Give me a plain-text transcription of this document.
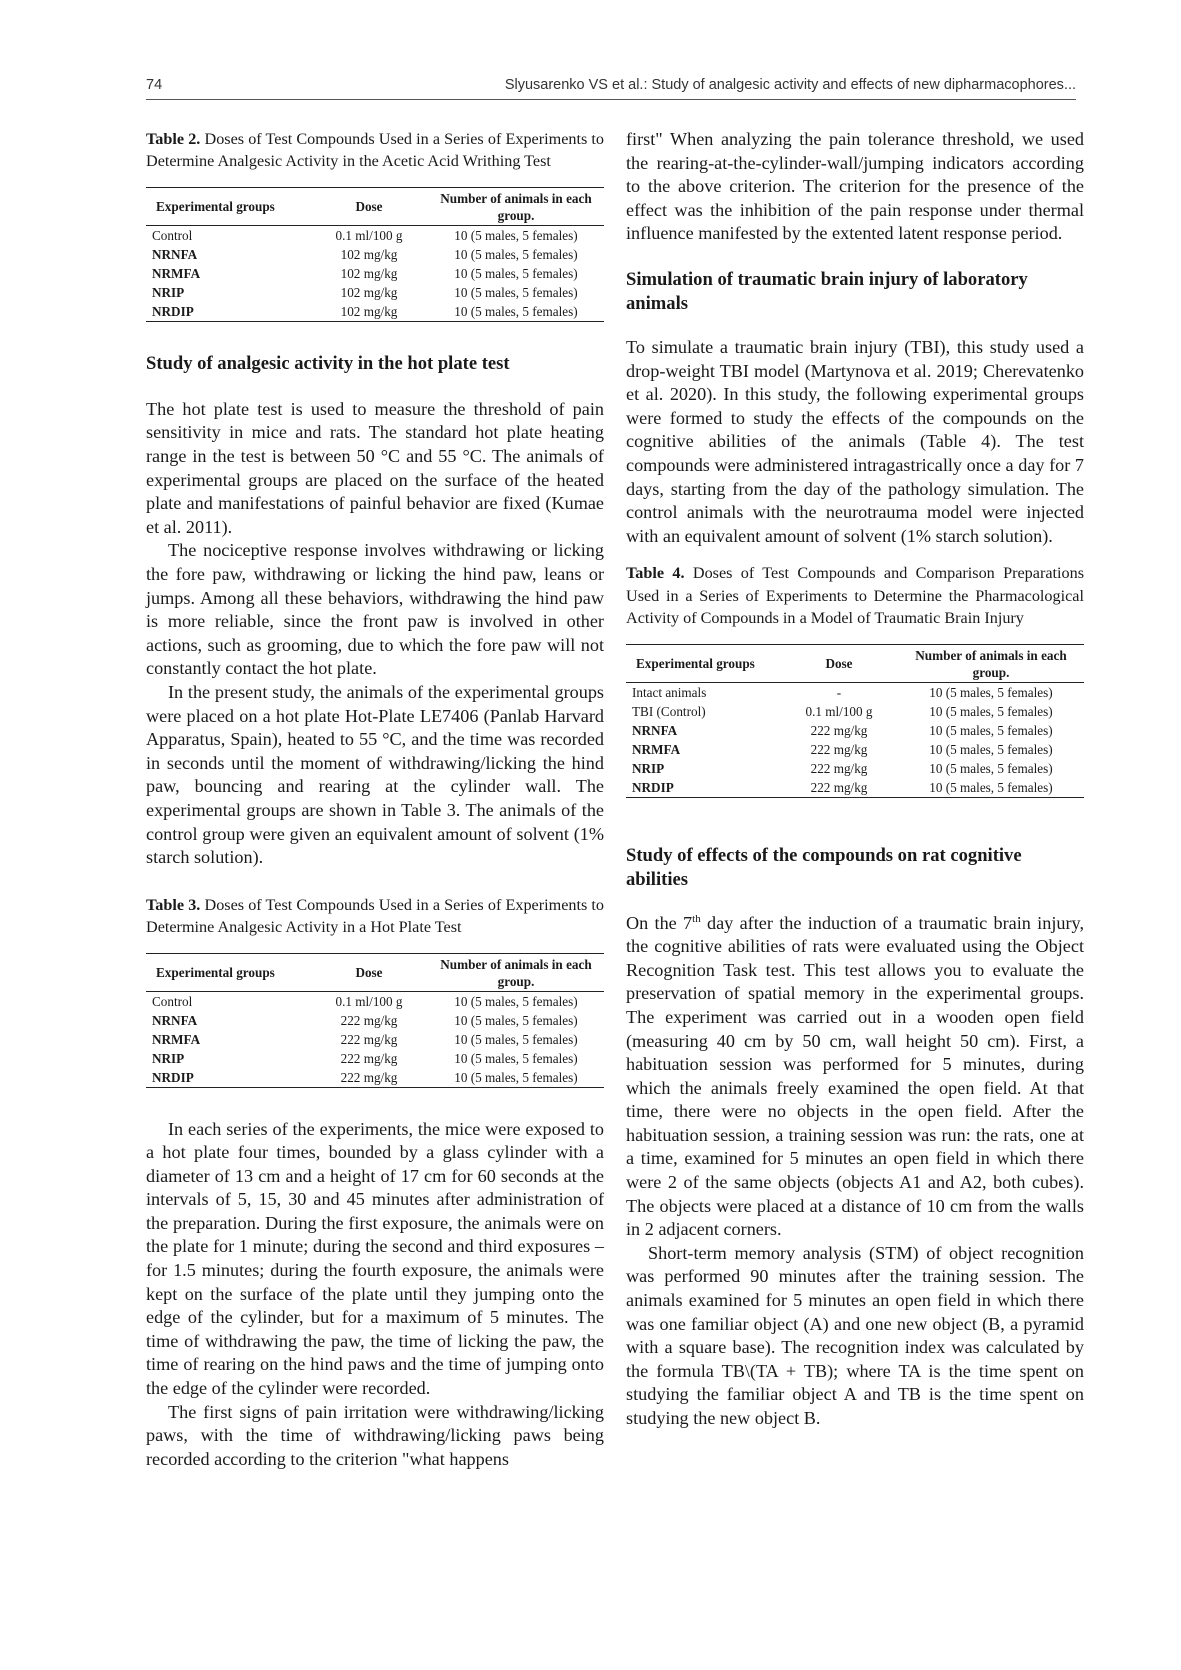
74	Slyusarenko VS et al.: Study of analgesic activity and effects of new dipharmacophores...
Table 2. Doses of Test Compounds Used in a Series of Experiments to Determine Analgesic Activity in the Acetic Acid Writhing Test
Experimental groups	Dose	Number of animals in each group.
Control	0.1 ml/100 g	10 (5 males, 5 females)
NRNFA	102 mg/kg	10 (5 males, 5 females)
NRMFA	102 mg/kg	10 (5 males, 5 females)
NRIP	102 mg/kg	10 (5 males, 5 females)
NRDIP	102 mg/kg	10 (5 males, 5 females)
Study of analgesic activity in the hot plate test

The hot plate test is used to measure the threshold of pain sensitivity in mice and rats. The standard hot plate heating range in the test is between 50 °C and 55 °C. The animals of experimental groups are placed on the surface of the heated plate and manifestations of painful behavior are fixed (Kumae et al. 2011).

The nociceptive response involves withdrawing or licking the fore paw, withdrawing or licking the hind paw, leans or jumps. Among all these behaviors, withdrawing the hind paw is more reliable, since the front paw is involved in other actions, such as grooming, due to which the fore paw will not constantly contact the hot plate.

In the present study, the animals of the experimental groups were placed on a hot plate Hot-Plate LE7406 (Panlab Harvard Apparatus, Spain), heated to 55 °C, and the time was recorded in seconds until the moment of withdrawing/licking the hind paw, bouncing and rearing at the cylinder wall. The experimental groups are shown in Table 3. The animals of the control group were given an equivalent amount of solvent (1% starch solution).

Table 3. Doses of Test Compounds Used in a Series of Experiments to Determine Analgesic Activity in a Hot Plate Test
Experimental groups	Dose	Number of animals in each group.
Control	0.1 ml/100 g	10 (5 males, 5 females)
NRNFA	222 mg/kg	10 (5 males, 5 females)
NRMFA	222 mg/kg	10 (5 males, 5 females)
NRIP	222 mg/kg	10 (5 males, 5 females)
NRDIP	222 mg/kg	10 (5 males, 5 females)

In each series of the experiments, the mice were exposed to a hot plate four times, bounded by a glass cylinder with a diameter of 13 cm and a height of 17 cm for 60 seconds at the intervals of 5, 15, 30 and 45 minutes after administration of the preparation. During the first exposure, the animals were on the plate for 1 minute; during the second and third exposures – for 1.5 minutes; during the fourth exposure, the animals were kept on the surface of the plate until they jumping onto the edge of the cylinder, but for a maximum of 5 minutes. The time of withdrawing the paw, the time of licking the paw, the time of rearing on the hind paws and the time of jumping onto the edge of the cylinder were recorded.

The first signs of pain irritation were withdrawing/licking paws, with the time of withdrawing/licking paws being recorded according to the criterion "what happens

first" When analyzing the pain tolerance threshold, we used the rearing-at-the-cylinder-wall/jumping indicators according to the above criterion. The criterion for the presence of the effect was the inhibition of the pain response under thermal influence manifested by the extented latent response period.

Simulation of traumatic brain injury of laboratory animals

To simulate a traumatic brain injury (TBI), this study used a drop-weight TBI model (Martynova et al. 2019; Cherevatenko et al. 2020). In this study, the following experimental groups were formed to study the effects of the compounds on the cognitive abilities of the animals (Table 4). The test compounds were administered intragastrically once a day for 7 days, starting from the day of the pathology simulation. The control animals with the neurotrauma model were injected with an equivalent amount of solvent (1% starch solution).

Table 4. Doses of Test Compounds and Comparison Preparations Used in a Series of Experiments to Determine the Pharmacological Activity of Compounds in a Model of Traumatic Brain Injury
Experimental groups	Dose	Number of animals in each group.
Intact animals	-	10 (5 males, 5 females)
TBI (Control)	0.1 ml/100 g	10 (5 males, 5 females)
NRNFA	222 mg/kg	10 (5 males, 5 females)
NRMFA	222 mg/kg	10 (5 males, 5 females)
NRIP	222 mg/kg	10 (5 males, 5 females)
NRDIP	222 mg/kg	10 (5 males, 5 females)
Study of effects of the compounds on rat cognitive abilities

On the 7th day after the induction of a traumatic brain injury, the cognitive abilities of rats were evaluated using the Object Recognition Task test. This test allows you to evaluate the preservation of spatial memory in the experimental groups. The experiment was carried out in a wooden open field (measuring 40 cm by 50 cm, wall height 50 cm). First, a habituation session was performed for 5 minutes, during which the animals freely examined the open field. At that time, there were no objects in the open field. After the habituation session, a training session was run: the rats, one at a time, examined for 5 minutes an open field in which there were 2 of the same objects (objects A1 and A2, both cubes). The objects were placed at a distance of 10 cm from the walls in 2 adjacent corners.

Short-term memory analysis (STM) of object recognition was performed 90 minutes after the training session. The animals examined for 5 minutes an open field in which there was one familiar object (A) and one new object (B, a pyramid with a square base). The recognition index was calculated by the formula TB\(TA + TB); where TA is the time spent on studying the familiar object A and TB is the time spent on studying the new object B.
